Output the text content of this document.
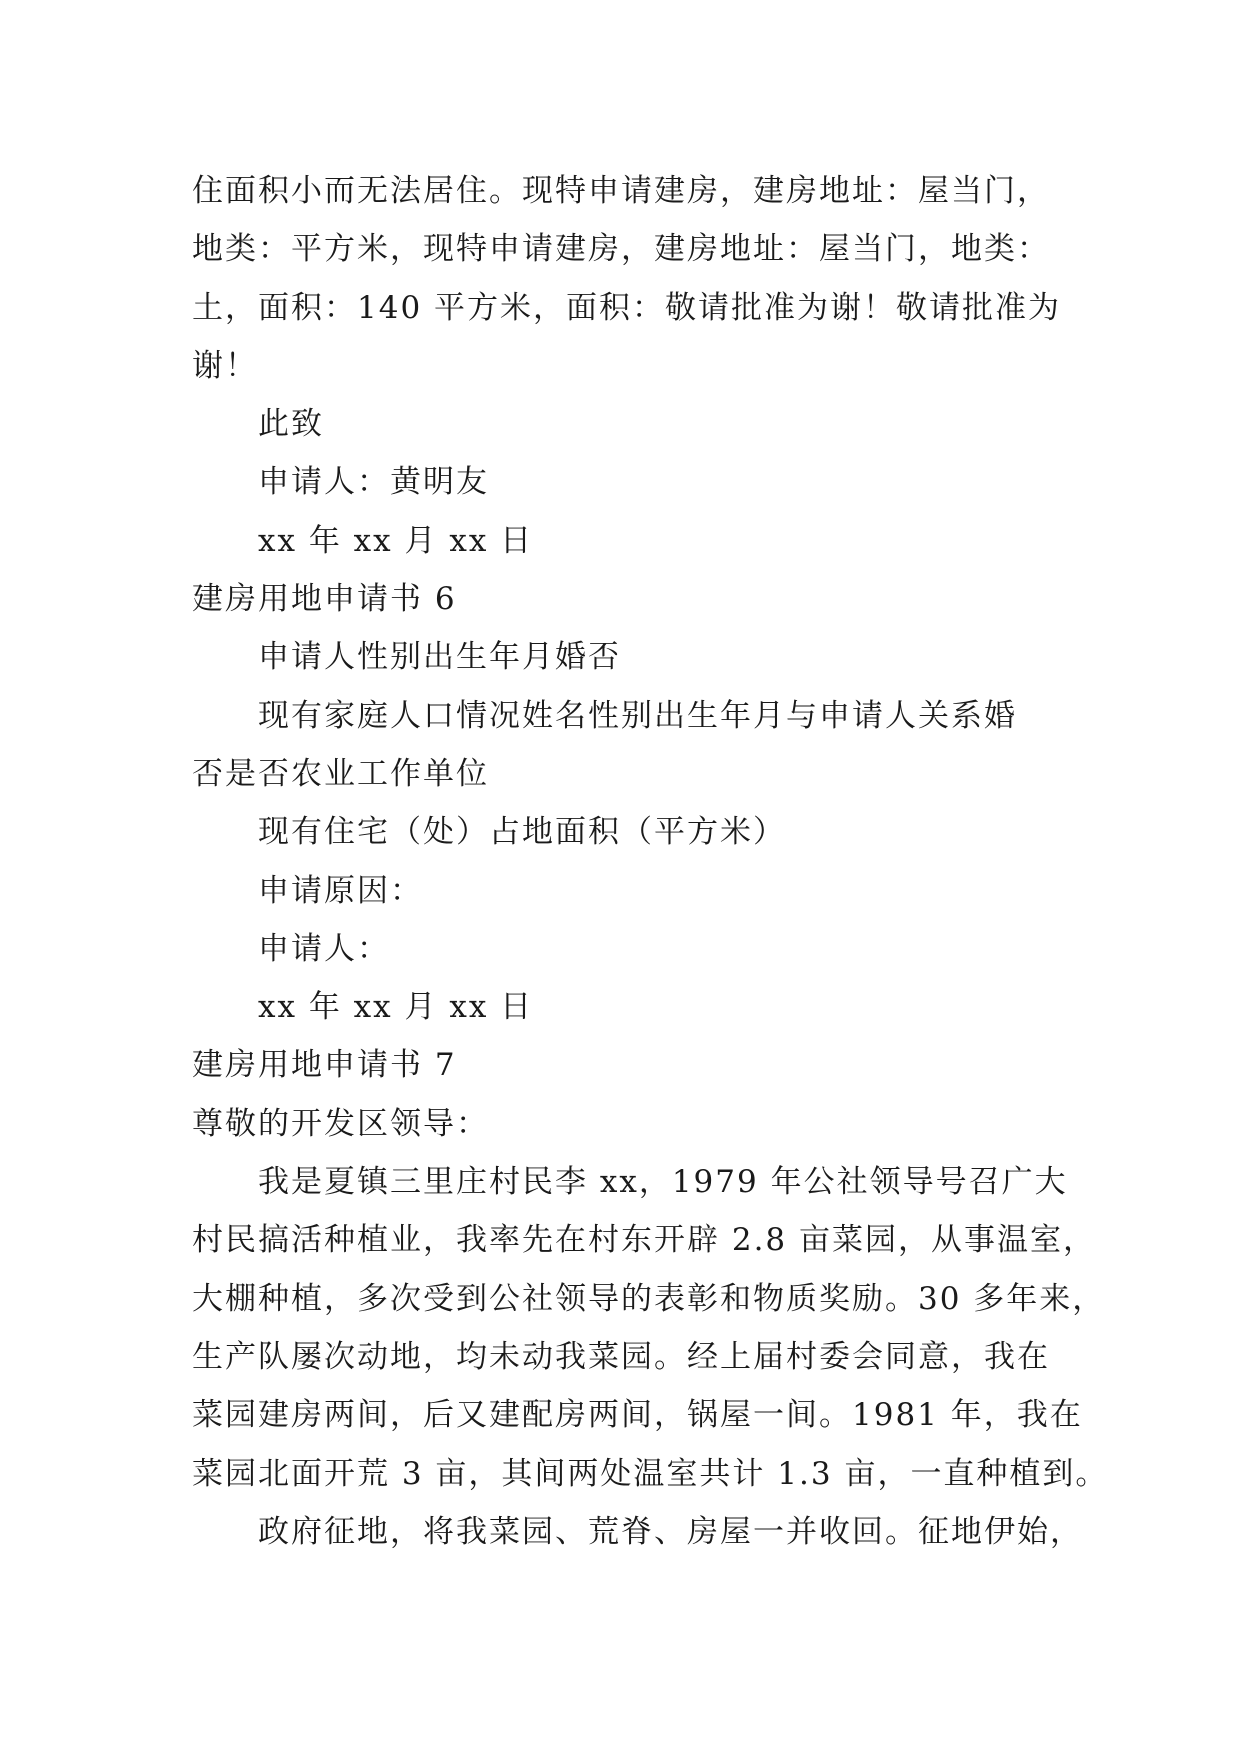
住面积小而无法居住。现特申请建房，建房地址：屋当门，
地类：平方米，现特申请建房，建房地址：屋当门，地类：
土，面积：140 平方米，面积：敬请批准为谢！敬请批准为
谢！
此致
申请人：黄明友
xx 年 xx 月 xx 日
建房用地申请书 6
申请人性别出生年月婚否
现有家庭人口情况姓名性别出生年月与申请人关系婚
否是否农业工作单位
现有住宅（处）占地面积（平方米）
申请原因：
申请人：
xx 年 xx 月 xx 日
建房用地申请书 7
尊敬的开发区领导：
我是夏镇三里庄村民李 xx，1979 年公社领导号召广大
村民搞活种植业，我率先在村东开辟 2.8 亩菜园，从事温室，
大棚种植，多次受到公社领导的表彰和物质奖励。30 多年来，
生产队屡次动地，均未动我菜园。经上届村委会同意，我在
菜园建房两间，后又建配房两间，锅屋一间。1981 年，我在
菜园北面开荒 3 亩，其间两处温室共计 1.3 亩，一直种植到。
政府征地，将我菜园、荒脊、房屋一并收回。征地伊始，
